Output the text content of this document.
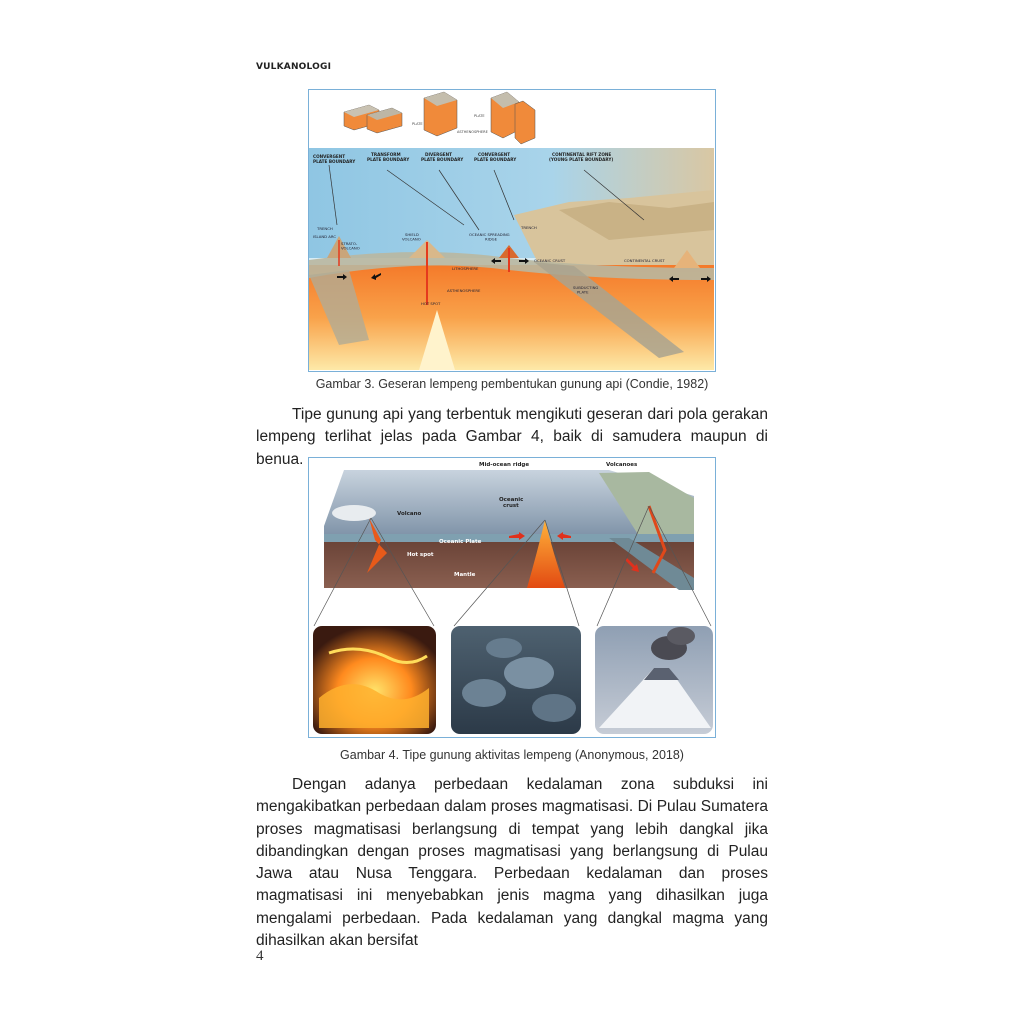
VULKANOLOGI
PLATE
PLATE
ASTHENOSPHERE
CONVERGENT PLATE BOUNDARY
TRANSFORM PLATE BOUNDARY
DIVERGENT PLATE BOUNDARY
CONVERGENT PLATE BOUNDARY
CONTINENTAL RIFT ZONE (YOUNG PLATE BOUNDARY)
TRENCH
ISLAND ARC
STRATO-VOLCANO
SHIELD VOLCANO
OCEANIC SPREADING RIDGE
TRENCH
OCEANIC CRUST	CONTINENTAL CRUST
LITHOSPHERE
ASTHENOSPHERE
HOT SPOT
SUBDUCTING PLATE
Gambar 3. Geseran lempeng pembentukan gunung api (Condie, 1982)

Tipe gunung api yang terbentuk mengikuti geseran dari pola gerakan lempeng terlihat jelas pada Gambar 4, baik di samudera maupun di benua.	Mid-ocean ridge	Volcanoes
Oceanic crust
Volcano
Oceanic Plate
Hot spot
Mantle
Gambar 4. Tipe gunung aktivitas lempeng (Anonymous, 2018)

Dengan adanya perbedaan kedalaman zona subduksi ini mengakibatkan perbedaan dalam proses magmatisasi. Di Pulau Sumatera proses magmatisasi berlangsung di tempat yang lebih dangkal jika dibandingkan dengan proses magmatisasi yang berlangsung di Pulau Jawa atau Nusa Tenggara. Perbedaan kedalaman dan proses magmatisasi ini menyebabkan jenis magma yang dihasilkan juga mengalami perbedaan. Pada kedalaman yang dangkal magma yang dihasilkan akan bersifat

4
